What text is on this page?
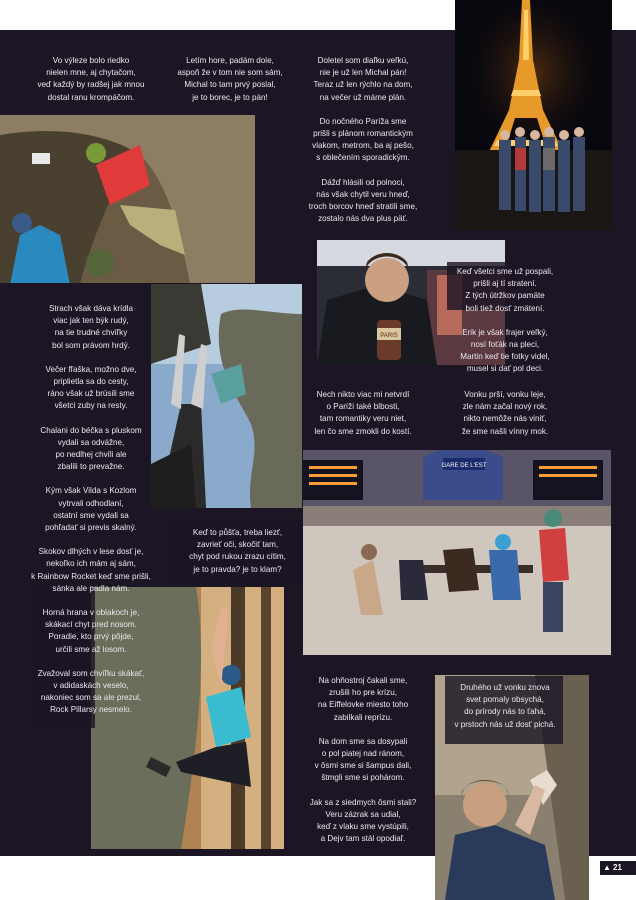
PARIS
GARE DE L'EST

Vo výleze bolo riedko
nielen mne, aj chytačom,
veď každý by radšej jak mnou
dostal ranu krompáčom.

Letím hore, padám dole,
aspoň že v tom nie som sám,
Michal to tam prvý poslal,
je to borec, je to pán!

Doletel som diaľku veľkú,
nie je už len Michal pán!
Teraz už len rýchlo na dom,
na večer už máme plán.

Do nočného Paríža sme
prišli s plánom romantickým
vlakom, metrom, ba aj pešo,
s oblečením sporadickým.

Dážď hlásili od polnoci,
nás však chytil veru hneď,
troch borcov hneď stratili sme,
zostalo nás dva plus päť.

Strach však dáva krídla
viac jak ten býk rudý,
na tie trudné chvíľky
bol som právom hrdý.

Večer fľaška, možno dve,
priplietla sa do cesty,
ráno však už brúsili sme
všetci zuby na resty.

Chalani do béčka s pluskom
vydali sa odvážne,
po nedlhej chvíli ale
zbalili to prevažne.

Kým však Vilda s Kozlom
vytrvali odhodlaní,
ostatní sme vydali sa
pohľadať si previs skalný.

Skokov dlhých v lese dosť je,
nekoľko ich mám aj sám,
k Rainbow Rocket keď sme prišli,
sánka ale padla nám.

Horná hrana v oblakoch je,
skákací chyt pred nosom.
Poradie, kto prvý pôjde,
určili sme až losom.

Zvažoval som chvíľku skákať,
v adidaskách veselo,
nakoniec som sa ale prezul,
Rock Pillarsy nesmelo.

Keď to půšťa, treba liezť,
zavrieť oči, skočiť tam,
chyt pod rukou zrazu cítim,
je to pravda? je to klam?

Keď všetci sme už pospali,
prišli aj tí stratení.
Z tých útržkov pamäte
boli tiež dosť zmätení.

Erik je však frajer veľký,
nosí foťák na pleci,
Martin keď tie fotky videl,
musel si dať pol deci.

Nech nikto viac mi netvrdí
o Paríži také blbosti,
tam romantiky veru niet,
len čo sme zmokli do kostí.

Vonku prší, vonku leje,
zle nám začal nový rok,
nikto nemôže nás viniť,
že sme našli vínny mok.

Na ohňostroj čakali sme,
zrušili ho pre krízu,
na Eiffelovke miesto toho
zabilkali reprízu.

Na dom sme sa dosypali
o pol piatej nad ránom,
v ôsmi sme si šampus dali,
štmgli sme si pohárom.

Jak sa z siedmych ôsmi stali?
Veru zázrak sa udial,
keď z vlaku sme vystúpili,
a Dejv tam stál opodiaľ.

Druhého už vonku znova
svet pomaly obsychá,
do prírody nás to ťahá,
v prstoch nás už dosť pichá.

▲ 21
